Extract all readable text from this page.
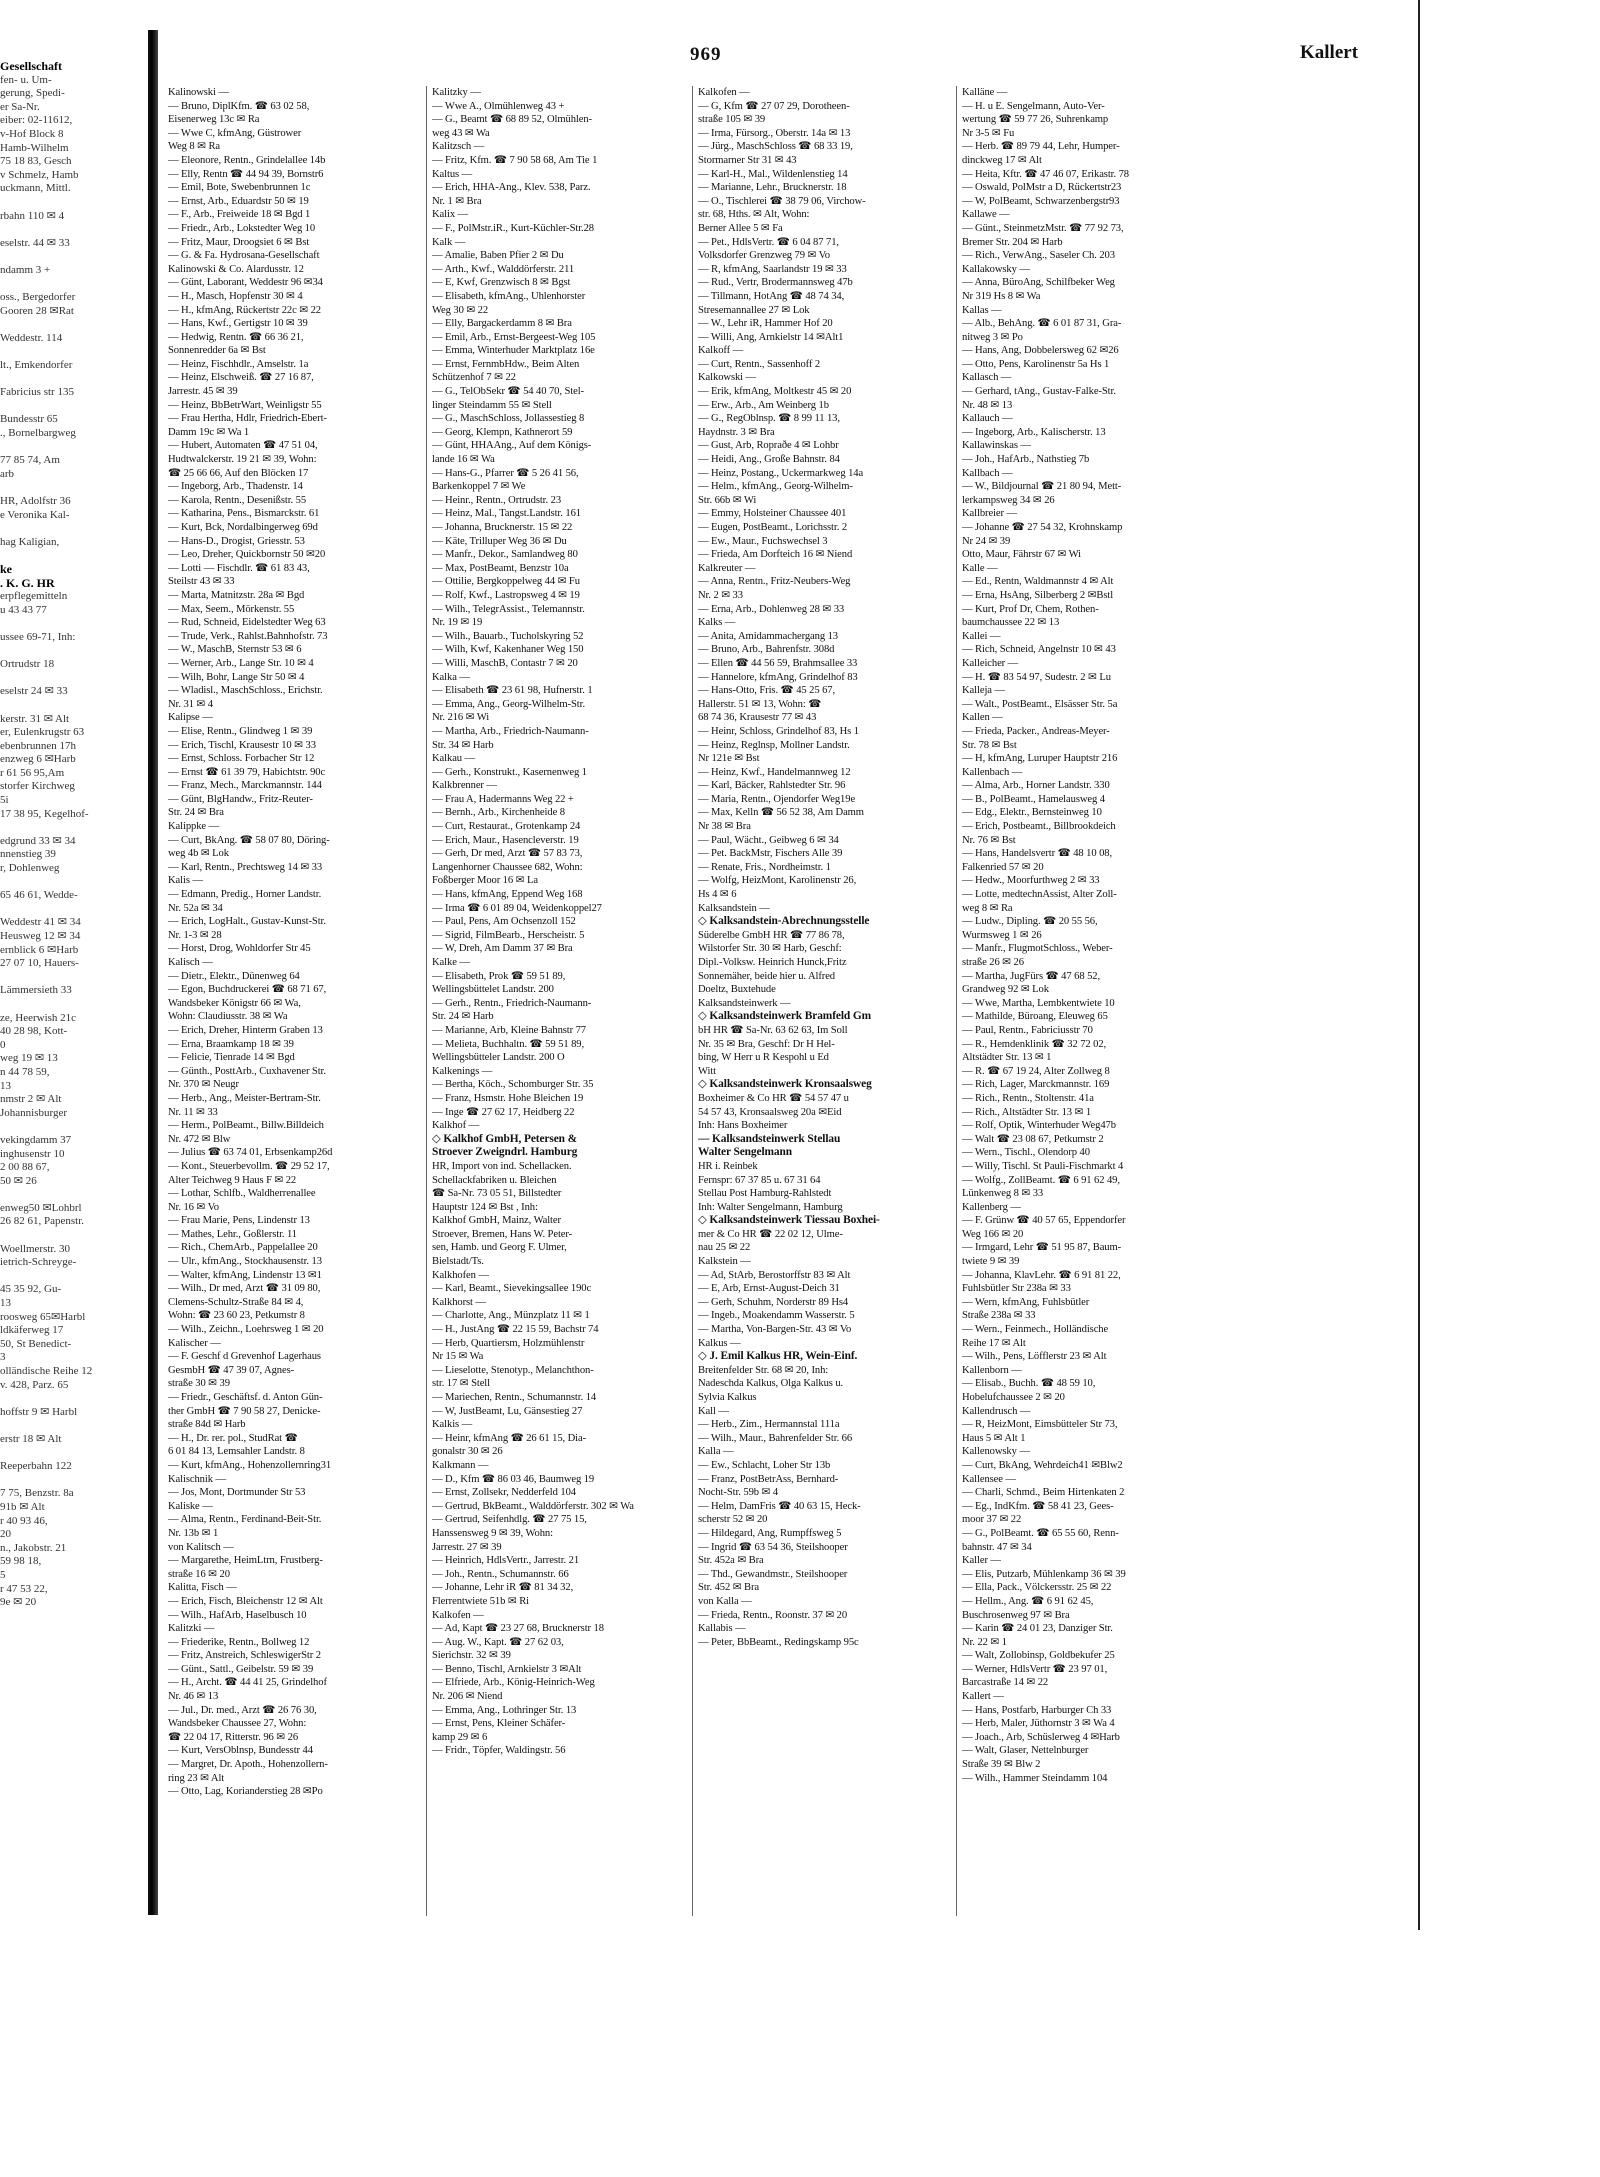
Gesellschaft
fen- u. Um-
gerung, Spedi-
er Sa-Nr.
eiber: 02-11612,
v-Hof Block 8
Hamb-Wilhelm
75 18 83, Gesch
v Schmelz, Hamb
uckmann, Mittl.

rbahn 110 ✉ 4

eselstr. 44 ✉ 33

ndamm 3 +

oss., Bergedorfer
Gooren 28 ✉Rat

Weddestr. 114

lt., Emkendorfer

Fabricius str 135

Bundesstr 65
., Bornelbargweg

77 85 74, Am
arb

HR, Adolfstr 36
e Veronika Kal-

hag Kaligian,

ke
. K. G. HR
erpflegemitteln
u 43 43 77

ussee 69-71, Inh:

Ortrudstr 18

eselstr 24 ✉ 33

kerstr. 31 ✉ Alt
er, Eulenkrugstr 63
ebenbrunnen 17h
enzweg 6 ✉Harb
r 61 56 95,Am
storfer Kirchweg
5i
17 38 95, Kegelhof-

edgrund 33 ✉ 34
nnenstieg 39
r, Dohlenweg

65 46 61, Wedde-

Weddestr 41 ✉ 34
Heusweg 12 ✉ 34
ernblick 6 ✉Harb
27 07 10, Hauers-

Lämmersieth 33

ze, Heerwish 21c
40 28 98, Kott-
0
weg 19 ✉ 13
n 44 78 59,
13
nmstr 2 ✉ Alt
Johannisburger

vekingdamm 37
inghusenstr 10
2 00 88 67,
50 ✉ 26

enweg50 ✉Lohbrl
26 82 61, Papenstr.

Woellmerstr. 30
ietrich-Schreyge-

45 35 92, Gu-
13
roosweg 65✉Harbl
ldkäferweg 17
50, St Benedict-
3
olländische Reihe 12
v. 428, Parz. 65

hoffstr 9 ✉ Harbl

erstr 18 ✉ Alt

Reeperbahn 122

7 75, Benzstr. 8a
91b ✉ Alt
r 40 93 46,
20
n., Jakobstr. 21
59 98 18,
5
r 47 53 22,
9e ✉ 20
969	Kallert
Kalinowski —
— Bruno, DiplKfm. ☎ 63 02 58,
Eisenerweg 13c ✉ Ra
— Wwe C, kfmAng, Güstrower
Weg 8 ✉ Ra
— Eleonore, Rentn., Grindelallee 14b
— Elly, Rentn ☎ 44 94 39, Bornstr6
— Emil, Bote, Swebenbrunnen 1c
— Ernst, Arb., Eduardstr 50 ✉ 19
— F., Arb., Freiweide 18 ✉ Bgd 1
— Friedr., Arb., Lokstedter Weg 10
— Fritz, Maur, Droogsiet 6 ✉ Bst
— G. & Fa. Hydrosana-Gesellschaft
Kalinowski & Co. Alardusstr. 12
— Günt, Laborant, Weddestr 96 ✉34
— H., Masch, Hopfenstr 30 ✉ 4
— H., kfmAng, Rückertstr 22c ✉ 22
— Hans, Kwf., Gertigstr 10 ✉ 39
— Hedwig, Rentn. ☎ 66 36 21,
Sonnenredder 6a ✉ Bst
— Heinz, Fischhdlr., Amselstr. 1a
— Heinz, Elschweiß. ☎ 27 16 87,
Jarrestr. 45 ✉ 39
— Heinz, BbBetrWart, Weinligstr 55
— Frau Hertha, Hdlr, Friedrich-Ebert-
Damm 19c ✉ Wa 1
— Hubert, Automaten ☎ 47 51 04,
Hudtwalckerstr. 19 21 ✉ 39, Wohn:
☎ 25 66 66, Auf den Blöcken 17
— Ingeborg, Arb., Thadenstr. 14
— Karola, Rentn., Desenißstr. 55
— Katharina, Pens., Bismarckstr. 61
— Kurt, Bck, Nordalbingerweg 69d
— Hans-D., Drogist, Griesstr. 53
— Leo, Dreher, Quickbornstr 50 ✉20
— Lotti — Fischdlr. ☎ 61 83 43,
Steilstr 43 ✉ 33
— Marta, Matnitzstr. 28a ✉ Bgd
— Max, Seem., Mörkenstr. 55
— Rud, Schneid, Eidelstedter Weg 63
— Trude, Verk., Rahlst.Bahnhofstr. 73
— W., MaschB, Sternstr 53 ✉ 6
— Werner, Arb., Lange Str. 10 ✉ 4
— Wilh, Bohr, Lange Str 50 ✉ 4
— Wladisl., MaschSchloss., Erichstr.
Nr. 31 ✉ 4
Kalipse —
— Elise, Rentn., Glindweg 1 ✉ 39
— Erich, Tischl, Krausestr 10 ✉ 33
— Ernst, Schloss. Forbacher Str 12
— Ernst ☎ 61 39 79, Habichtstr. 90c
— Franz, Mech., Marckmannstr. 144
— Günt, BlgHandw., Fritz-Reuter-
Str. 24 ✉ Bra
Kalippke —
— Curt, BkAng. ☎ 58 07 80, Döring-
weg 4b ✉ Lok
— Karl, Rentn., Prechtsweg 14 ✉ 33
Kalis —
— Edmann, Predig., Horner Landstr.
Nr. 52a ✉ 34
— Erich, LogHalt., Gustav-Kunst-Str.
Nr. 1-3 ✉ 28
— Horst, Drog, Wohldorfer Str 45
Kalisch —
— Dietr., Elektr., Dünenweg 64
— Egon, Buchdruckerei ☎ 68 71 67,
Wandsbeker Königstr 66 ✉ Wa,
Wohn: Claudiusstr. 38 ✉ Wa
— Erich, Dreher, Hinterm Graben 13
— Erna, Braamkamp 18 ✉ 39
— Felicie, Tienrade 14 ✉ Bgd
— Günth., PosttArb., Cuxhavener Str.
Nr. 370 ✉ Neugr
— Herb., Ang., Meister-Bertram-Str.
Nr. 11 ✉ 33
— Herm., PolBeamt., Billw.Billdeich
Nr. 472 ✉ Blw
— Julius ☎ 63 74 01, Erbsenkamp26d
— Kont., Steuerbevollm. ☎ 29 52 17,
Alter Teichweg 9 Haus F ✉ 22
— Lothar, Schlfb., Waldherrenallee
Nr. 16 ✉ Vo
— Frau Marie, Pens, Lindenstr 13
— Mathes, Lehr., Goßlerstr. 11
— Rich., ChemArb., Pappelallee 20
— Ulr., kfmAng., Stockhausenstr. 13
— Walter, kfmAng, Lindenstr 13 ✉1
— Wilh., Dr med, Arzt ☎ 31 09 80,
Clemens-Schultz-Straße 84 ✉ 4,
Wohn: ☎ 23 60 23, Petkumstr 8
— Wilh., Zeichn., Loehrsweg 1 ✉ 20
Kalischer —
— F. Geschf d Grevenhof Lagerhaus
GesmbH ☎ 47 39 07, Agnes-
straße 30 ✉ 39
— Friedr., Geschäftsf. d. Anton Gün-
ther GmbH ☎ 7 90 58 27, Denicke-
straße 84d ✉ Harb
— H., Dr. rer. pol., StudRat ☎
6 01 84 13, Lemsahler Landstr. 8
— Kurt, kfmAng., Hohenzollernring31
Kalischnik —
— Jos, Mont, Dortmunder Str 53
Kaliske —
— Alma, Rentn., Ferdinand-Beit-Str.
Nr. 13b ✉ 1
von Kalitsch —
— Margarethe, HeimLtrn, Frustberg-
straße 16 ✉ 20
Kalitta, Fisch —
— Erich, Fisch, Bleichenstr 12 ✉ Alt
— Wilh., HafArb, Haselbusch 10
Kalitzki —
— Friederike, Rentn., Bollweg 12
— Fritz, Anstreich, SchleswigerStr 2
— Günt., Sattl., Geibelstr. 59 ✉ 39
— H., Archt. ☎ 44 41 25, Grindelhof
Nr. 46 ✉ 13
— Jul., Dr. med., Arzt ☎ 26 76 30,
Wandsbeker Chaussee 27, Wohn:
☎ 22 04 17, Ritterstr. 96 ✉ 26
— Kurt, VersOblnsp, Bundesstr 44
— Margret, Dr. Apoth., Hohenzollern-
ring 23 ✉ Alt
— Otto, Lag, Korianderstieg 28 ✉Po
Kalitzky —
— Wwe A., Olmühlenweg 43 +
— G., Beamt ☎ 68 89 52, Olmühlen-
weg 43 ✉ Wa
Kalitzsch —
— Fritz, Kfm. ☎ 7 90 58 68, Am Tie 1
Kaltus —
— Erich, HHA-Ang., Klev. 538, Parz.
Nr. 1 ✉ Bra
Kalix —
— F., PolMstr.iR., Kurt-Küchler-Str.28
Kalk —
— Amalie, Baben Pfier 2 ✉ Du
— Arth., Kwf., Walddörferstr. 211
— E, Kwf, Grenzwisch 8 ✉ Bgst
— Elisabeth, kfmAng., Uhlenhorster
Weg 30 ✉ 22
— Elly, Bargackerdamm 8 ✉ Bra
— Emil, Arb., Ernst-Bergeest-Weg 105
— Emma, Winterhuder Marktplatz 16e
— Ernst, FernmbHdw., Beim Alten
Schützenhof 7 ✉ 22
— G., TelObSekr ☎ 54 40 70, Stel-
linger Steindamm 55 ✉ Stell
— G., MaschSchloss, Jollassestieg 8
— Georg, Klempn, Kathnerort 59
— Günt, HHAAng., Auf dem Königs-
lande 16 ✉ Wa
— Hans-G., Pfarrer ☎ 5 26 41 56,
Barkenkoppel 7 ✉ We
— Heinr., Rentn., Ortrudstr. 23
— Heinz, Mal., Tangst.Landstr. 161
— Johanna, Brucknerstr. 15 ✉ 22
— Käte, Trilluper Weg 36 ✉ Du
— Manfr., Dekor., Samlandweg 80
— Max, PostBeamt, Benzstr 10a
— Ottilie, Bergkoppelweg 44 ✉ Fu
— Rolf, Kwf., Lastropsweg 4 ✉ 19
— Wilh., TelegrAssist., Telemannstr.
Nr. 19 ✉ 19
— Wilh., Bauarb., Tucholskyring 52
— Wilh, Kwf, Kakenhaner Weg 150
— Willi, MaschB, Contastr 7 ✉ 20
Kalka —
— Elisabeth ☎ 23 61 98, Hufnerstr. 1
— Emma, Ang., Georg-Wilhelm-Str.
Nr. 216 ✉ Wi
— Martha, Arb., Friedrich-Naumann-
Str. 34 ✉ Harb
Kalkau —
— Gerh., Konstrukt., Kasernenweg 1
Kalkbrenner —
— Frau A, Hadermanns Weg 22 +
— Bernh., Arb., Kirchenheide 8
— Curt, Restaurat., Grotenkamp 24
— Erich, Maur., Hasencleverstr. 19
— Gerh, Dr med, Arzt ☎ 57 83 73,
Langenhorner Chaussee 682, Wohn:
Foßberger Moor 16 ✉ La
— Hans, kfmAng, Eppend Weg 168
— Irma ☎ 6 01 89 04, Weidenkoppel27
— Paul, Pens, Am Ochsenzoll 152
— Sigrid, FilmBearb., Herscheistr. 5
— W, Dreh, Am Damm 37 ✉ Bra
Kalke —
— Elisabeth, Prok ☎ 59 51 89,
Wellingsbüttelet Landstr. 200
— Gerh., Rentn., Friedrich-Naumann-
Str. 24 ✉ Harb
— Marianne, Arb, Kleine Bahnstr 77
— Melieta, Buchhaltn. ☎ 59 51 89,
Wellingsbütteler Landstr. 200 O
Kalkenings —
— Bertha, Köch., Schomburger Str. 35
— Franz, Hsmstr. Hohe Bleichen 19
— Inge ☎ 27 62 17, Heidberg 22
Kalkhof —
◇ Kalkhof GmbH, Petersen &
Stroever Zweigndrl. Hamburg
HR, Import von ind. Schellacken.
Schellackfabriken u. Bleichen
☎ Sa-Nr. 73 05 51, Billstedter
Hauptstr 124 ✉ Bst , Inh:
Kalkhof GmbH, Mainz, Walter
Stroever, Bremen, Hans W. Peter-
sen, Hamb. und Georg F. Ulmer,
Bielstadt/Ts.
Kalkhofen —
— Karl, Beamt., Sievekingsallee 190c
Kalkhorst —
— Charlotte, Ang., Münzplatz 11 ✉ 1
— H., JustAng ☎ 22 15 59, Bachstr 74
— Herb, Quartiersm, Holzmühlenstr
Nr 15 ✉ Wa
— Lieselotte, Stenotyp., Melanchthon-
str. 17 ✉ Stell
— Mariechen, Rentn., Schumannstr. 14
— W, JustBeamt, Lu, Gänsestieg 27
Kalkis —
— Heinr, kfmAng ☎ 26 61 15, Dia-
gonalstr 30 ✉ 26
Kalkmann —
— D., Kfm ☎ 86 03 46, Baumweg 19
— Ernst, Zollsekr, Nedderfeld 104
— Gertrud, BkBeamt., Walddörferstr. 302 ✉ Wa
— Gertrud, Seifenhdlg. ☎ 27 75 15,
Hanssensweg 9 ✉ 39, Wohn:
Jarrestr. 27 ✉ 39
— Heinrich, HdlsVertr., Jarrestr. 21
— Joh., Rentn., Schumannstr. 66
— Johanne, Lehr iR ☎ 81 34 32,
Flerrentwiete 51b ✉ Ri
Kalkofen —
— Ad, Kapt ☎ 23 27 68, Brucknerstr 18
— Aug. W., Kapt. ☎ 27 62 03,
Sierichstr. 32 ✉ 39
— Benno, Tischl, Arnkielstr 3 ✉Alt
— Elfriede, Arb., König-Heinrich-Weg
Nr. 206 ✉ Niend
— Emma, Ang., Lothringer Str. 13
— Ernst, Pens, Kleiner Schäfer-
kamp 29 ✉ 6
— Fridr., Töpfer, Waldingstr. 56
Kalkofen —
— G, Kfm ☎ 27 07 29, Dorotheen-
straße 105 ✉ 39
— Irma, Fürsorg., Oberstr. 14a ✉ 13
— Jürg., MaschSchloss ☎ 68 33 19,
Stormarner Str 31 ✉ 43
— Karl-H., Mal., Wildenlenstieg 14
— Marianne, Lehr., Brucknerstr. 18
— O., Tischlerei ☎ 38 79 06, Virchow-
str. 68, Hths. ✉ Alt, Wohn:
Berner Allee 5 ✉ Fa
— Pet., HdlsVertr. ☎ 6 04 87 71,
Volksdorfer Grenzweg 79 ✉ Vo
— R, kfmAng, Saarlandstr 19 ✉ 33
— Rud., Vertr, Brodermannsweg 47b
— Tillmann, HotAng ☎ 48 74 34,
Stresemannallee 27 ✉ Lok
— W., Lehr iR, Hammer Hof 20
— Willi, Ang, Arnkielstr 14 ✉Alt1
Kalkoff —
— Curt, Rentn., Sassenhoff 2
Kalkowski —
— Erik, kfmAng, Moltkestr 45 ✉ 20
— Erw., Arb., Am Weinberg 1b
— G., RegOblnsp. ☎ 8 99 11 13,
Haydnstr. 3 ✉ Bra
— Gust, Arb, Ropraðe 4 ✉ Lohbr
— Heidi, Ang., Große Bahnstr. 84
— Heinz, Postang., Uckermarkweg 14a
— Helm., kfmAng., Georg-Wilhelm-
Str. 66b ✉ Wi
— Emmy, Holsteiner Chaussee 401
— Eugen, PostBeamt., Lorichsstr. 2
— Ew., Maur., Fuchswechsel 3
— Frieda, Am Dorfteich 16 ✉ Niend
Kalkreuter —
— Anna, Rentn., Fritz-Neubers-Weg
Nr. 2 ✉ 33
— Erna, Arb., Dohlenweg 28 ✉ 33
Kalks —
— Anita, Amidammachergang 13
— Bruno, Arb., Bahrenfstr. 308d
— Ellen ☎ 44 56 59, Brahmsallee 33
— Hannelore, kfmAng, Grindelhof 83
— Hans-Otto, Fris. ☎ 45 25 67,
Hallerstr. 51 ✉ 13, Wohn: ☎
68 74 36, Krausestr 77 ✉ 43
— Heinr, Schloss, Grindelhof 83, Hs 1
— Heinz, Reglnsp, Mollner Landstr.
Nr 121e ✉ Bst
— Heinz, Kwf., Handelmannweg 12
— Karl, Bäcker, Rahlstedter Str. 96
— Maria, Rentn., Ojendorfer Weg19e
— Max, Kelln ☎ 56 52 38, Am Damm
Nr 38 ✉ Bra
— Paul, Wächt., Geibweg 6 ✉ 34
— Pet. BackMstr, Fischers Alle 39
— Renate, Fris., Nordheimstr. 1
— Wolfg, HeizMont, Karolinenstr 26,
Hs 4 ✉ 6
Kalksandstein —
◇ Kalksandstein-Abrechnungsstelle
Süderelbe GmbH HR ☎ 77 86 78,
Wilstorfer Str. 30 ✉ Harb, Geschf:
Dipl.-Volksw. Heinrich Hunck,Fritz
Sonnemäher, beide hier u. Alfred
Doeltz, Buxtehude
Kalksandsteinwerk —
◇ Kalksandsteinwerk Bramfeld Gm
bH HR ☎ Sa-Nr. 63 62 63, Im Soll
Nr. 35 ✉ Bra, Geschf: Dr H Hel-
bing, W Herr u R Kespohl u Ed
Witt
◇ Kalksandsteinwerk Kronsaalsweg
Boxheimer & Co HR ☎ 54 57 47 u
54 57 43, Kronsaalsweg 20a ✉Eid
Inh: Hans Boxheimer
— Kalksandsteinwerk Stellau
Walter Sengelmann
HR i. Reinbek
Fernspr: 67 37 85 u. 67 31 64
Stellau Post Hamburg-Rahlstedt
Inh: Walter Sengelmann, Hamburg
◇ Kalksandsteinwerk Tiessau Boxhei-
mer & Co HR ☎ 22 02 12, Ulme-
nau 25 ✉ 22
Kalkstein —
— Ad, StArb, Berostorffstr 83 ✉ Alt
— E, Arb, Ernst-August-Deich 31
— Gerh, Schuhm, Norderstr 89 Hs4
— Ingeb., Moakendamm Wasserstr. 5
— Martha, Von-Bargen-Str. 43 ✉ Vo
Kalkus —
◇ J. Emil Kalkus HR, Wein-Einf.
Breitenfelder Str. 68 ✉ 20, Inh:
Nadeschda Kalkus, Olga Kalkus u.
Sylvia Kalkus
Kall —
— Herb., Zim., Hermannstal 111a
— Wilh., Maur., Bahrenfelder Str. 66
Kalla —
— Ew., Schlacht, Loher Str 13b
— Franz, PostBetrAss, Bernhard-
Nocht-Str. 59b ✉ 4
— Helm, DamFris ☎ 40 63 15, Heck-
scherstr 52 ✉ 20
— Hildegard, Ang, Rumpffsweg 5
— Ingrid ☎ 63 54 36, Steilshooper
Str. 452a ✉ Bra
— Thd., Gewandmstr., Steilshooper
Str. 452 ✉ Bra
von Kalla —
— Frieda, Rentn., Roonstr. 37 ✉ 20
Kallabis —
— Peter, BbBeamt., Redingskamp 95c
Kalläne —
— H. u E. Sengelmann, Auto-Ver-
wertung ☎ 59 77 26, Suhrenkamp
Nr 3-5 ✉ Fu
— Herb. ☎ 89 79 44, Lehr, Humper-
dinckweg 17 ✉ Alt
— Heita, Kftr. ☎ 47 46 07, Erikastr. 78
— Oswald, PolMstr a D, Rückertstr23
— W, PolBeamt, Schwarzenbergstr93
Kallawe —
— Günt., SteinmetzMstr. ☎ 77 92 73,
Bremer Str. 204 ✉ Harb
— Rich., VerwAng., Saseler Ch. 203
Kallakowsky —
— Anna, BüroAng, Schilfbeker Weg
Nr 319 Hs 8 ✉ Wa
Kallas —
— Alb., BehAng. ☎ 6 01 87 31, Gra-
nitweg 3 ✉ Po
— Hans, Ang, Dobbelersweg 62 ✉26
— Otto, Pens, Karolinenstr 5a Hs 1
Kallasch —
— Gerhard, tAng., Gustav-Falke-Str.
Nr. 48 ✉ 13
Kallauch —
— Ingeborg, Arb., Kalischerstr. 13
Kallawinskas —
— Joh., HafArb., Nathstieg 7b
Kallbach —
— W., Bildjournal ☎ 21 80 94, Mett-
lerkampsweg 34 ✉ 26
Kallbreier —
— Johanne ☎ 27 54 32, Krohnskamp
Nr 24 ✉ 39
Otto, Maur, Fährstr 67 ✉ Wi
Kalle —
— Ed., Rentn, Waldmannstr 4 ✉ Alt
— Erna, HsAng, Silberberg 2 ✉Bstl
— Kurt, Prof Dr, Chem, Rothen-
baumchaussee 22 ✉ 13
Kallei —
— Rich, Schneid, Angelnstr 10 ✉ 43
Kalleicher —
— H. ☎ 83 54 97, Sudestr. 2 ✉ Lu
Kalleja —
— Walt., PostBeamt., Elsässer Str. 5a
Kallen —
— Frieda, Packer., Andreas-Meyer-
Str. 78 ✉ Bst
— H, kfmAng, Luruper Hauptstr 216
Kallenbach —
— Alma, Arb., Horner Landstr. 330
— B., PolBeamt., Hamelausweg 4
— Edg., Elektr., Bernsteinweg 10
— Erich, Postbeamt., Billbrookdeich
Nr. 76 ✉ Bst
— Hans, Handelsvertr ☎ 48 10 08,
Falkenried 57 ✉ 20
— Hedw., Moorfurthweg 2 ✉ 33
— Lotte, medtechnAssist, Alter Zoll-
weg 8 ✉ Ra
— Ludw., Dipling. ☎ 20 55 56,
Wurmsweg 1 ✉ 26
— Manfr., FlugmotSchloss., Weber-
straße 26 ✉ 26
— Martha, JugFürs ☎ 47 68 52,
Grandweg 92 ✉ Lok
— Wwe, Martha, Lembkentwiete 10
— Mathilde, Büroang, Eleuweg 65
— Paul, Rentn., Fabriciusstr 70
— R., Hemdenklinik ☎ 32 72 02,
Altstädter Str. 13 ✉ 1
— R. ☎ 67 19 24, Alter Zollweg 8
— Rich, Lager, Marckmannstr. 169
— Rich., Rentn., Stoltenstr. 41a
— Rich., Altstädter Str. 13 ✉ 1
— Rolf, Optik, Winterhuder Weg47b
— Walt ☎ 23 08 67, Petkumstr 2
— Wern., Tischl., Olendorp 40
— Willy, Tischl. St Pauli-Fischmarkt 4
— Wolfg., ZollBeamt. ☎ 6 91 62 49,
Lünkenweg 8 ✉ 33
Kallenberg —
— F. Grünw ☎ 40 57 65, Eppendorfer
Weg 166 ✉ 20
— Irmgard, Lehr ☎ 51 95 87, Baum-
twiete 9 ✉ 39
— Johanna, KlavLehr. ☎ 6 91 81 22,
Fuhlsbütler Str 238a ✉ 33
— Wern, kfmAng, Fuhlsbütler
Straße 238a ✉ 33
— Wern., Feinmech., Holländische
Reihe 17 ✉ Alt
— Wilh., Pens, Löfflerstr 23 ✉ Alt
Kallenborn —
— Elisab., Buchh. ☎ 48 59 10,
Hobelufchaussee 2 ✉ 20
Kallendrusch —
— R, HeizMont, Eimsbütteler Str 73,
Haus 5 ✉ Alt 1
Kallenowsky —
— Curt, BkAng, Wehrdeich41 ✉Blw2
Kallensee —
— Charli, Schmd., Beim Hirtenkaten 2
— Eg., IndKfm. ☎ 58 41 23, Gees-
moor 37 ✉ 22
— G., PolBeamt. ☎ 65 55 60, Renn-
bahnstr. 47 ✉ 34
Kaller —
— Elis, Putzarb, Mühlenkamp 36 ✉ 39
— Ella, Pack., Völckersstr. 25 ✉ 22
— Hellm., Ang. ☎ 6 91 62 45,
Buschrosenweg 97 ✉ Bra
— Karin ☎ 24 01 23, Danziger Str.
Nr. 22 ✉ 1
— Walt, Zollobinsp, Goldbekufer 25
— Werner, HdlsVertr ☎ 23 97 01,
Barcastraße 14 ✉ 22
Kallert —
— Hans, Postfarb, Harburger Ch 33
— Herb, Maler, Jüthornstr 3 ✉ Wa 4
— Joach., Arb, Schüslerweg 4 ✉Harb
— Walt, Glaser, Nettelnburger
Straße 39 ✉ Blw 2
— Wilh., Hammer Steindamm 104
